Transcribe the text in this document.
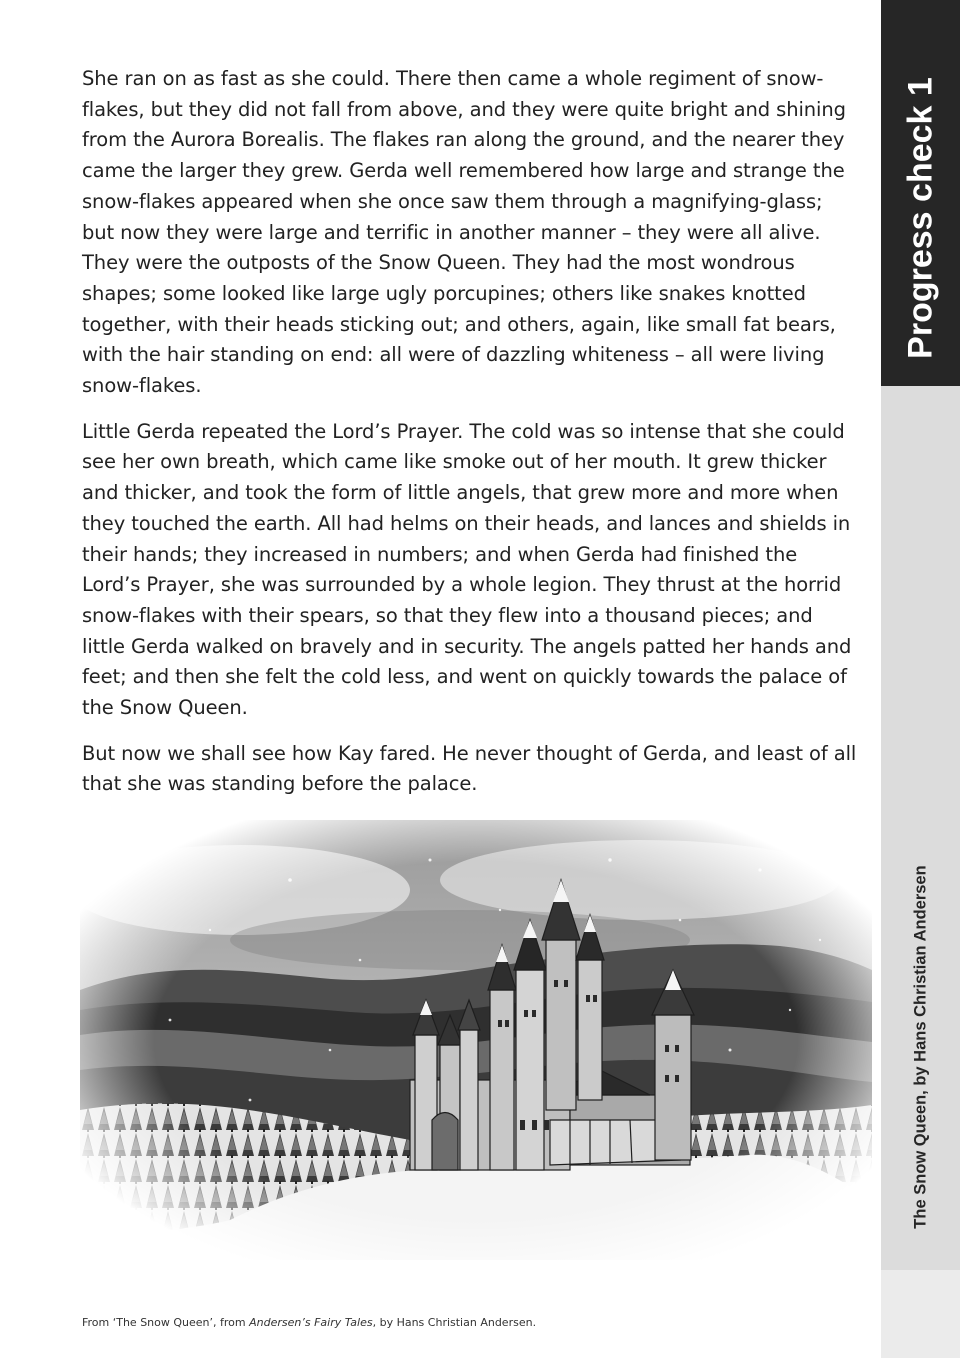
She ran on as fast as she could. There then came a whole regiment of snow-flakes, but they did not fall from above, and they were quite bright and shining from the Aurora Borealis. The flakes ran along the ground, and the nearer they came the larger they grew. Gerda well remembered how large and strange the snow-flakes appeared when she once saw them through a magnifying-glass; but now they were large and terrific in another manner – they were all alive. They were the outposts of the Snow Queen. They had the most wondrous shapes; some looked like large ugly porcupines; others like snakes knotted together, with their heads sticking out; and others, again, like small fat bears, with the hair standing on end: all were of dazzling whiteness – all were living snow-flakes.

Little Gerda repeated the Lord’s Prayer. The cold was so intense that she could see her own breath, which came like smoke out of her mouth. It grew thicker and thicker, and took the form of little angels, that grew more and more when they touched the earth. All had helms on their heads, and lances and shields in their hands; they increased in numbers; and when Gerda had finished the Lord’s Prayer, she was surrounded by a whole legion. They thrust at the horrid snow-flakes with their spears, so that they flew into a thousand pieces; and little Gerda walked on bravely and in security. The angels patted her hands and feet; and then she felt the cold less, and went on quickly towards the palace of the Snow Queen.

But now we shall see how Kay fared. He never thought of Gerda, and least of all that she was standing before the palace.

From ‘The Snow Queen’, from Andersen’s Fairy Tales, by Hans Christian Andersen.
Progress check 1
The Snow Queen, by Hans Christian Andersen
